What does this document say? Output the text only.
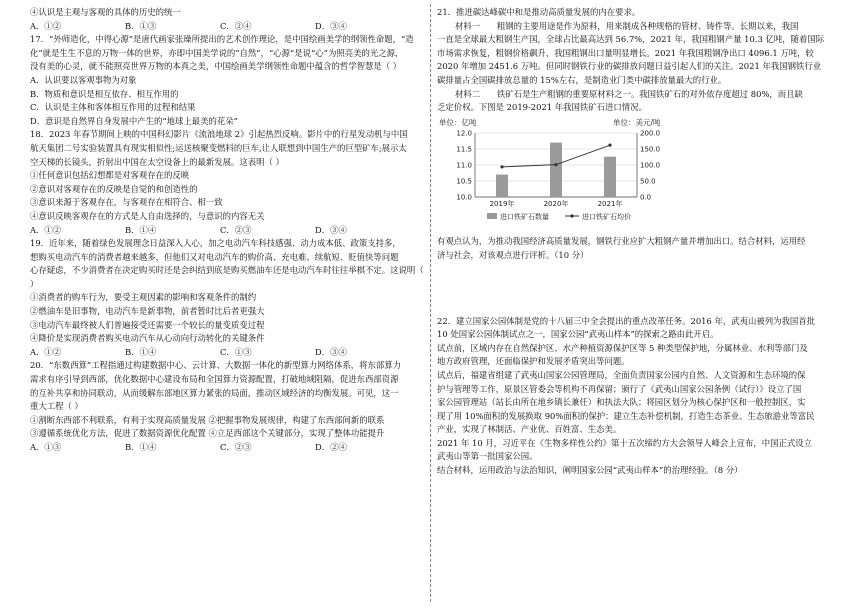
④认识是主观与客观的具体的历史的统一

A．①②	B．①③	C．②④	D．③④

17．“外师造化，中得心源”是唐代画家张璪所提出的艺术创作理论，是中国绘画美学的纲领性命题，“造

化”就是生生不息的万物一体的世界，亦即中国美学说的“自然”，“心源”是说“心”为照亮美的光之源，

没有美的心灵，就不能照亮世界万物的本真之美，中国绘画美学纲领性命题中蕴含的哲学智慧是（ ）

A．认识要以客观事物为对象

B．物质和意识是相互依存、相互作用的

C．认识是主体和客体相互作用的过程和结果

D．意识是自然界自身发展中产生的“地球上最美的花朵”

18．2023 年春节期间上映的中国科幻影片《流浪地球 2》引起热烈反响。影片中的行星发动机与中国

航天集团二号实验装置具有现实相似性;运送核聚变燃料的巨车,让人联想到中国生产的巨型矿车;展示太

空天梯的长镜头，折射出中国在太空设备上的最新发展。这表明（ ）

①任何意识包括幻想都是对客观存在的反映

②意识对客观存在的反映是自觉的和创造性的

③意识来源于客观存在，与客观存在相符合、相一致

④意识反映客观存在的方式是人自由选择的，与意识的内容无关

A．①②	B．①④	C．②③	D．③④

19．近年来，随着绿色发展理念日益深入人心，加之电动汽车科技感强、动力成本低、政策支持多，

想购买电动汽车的消费者越来越多，但他们又对电动汽车的购价高、充电难、续航短、贬值快等问题

心存疑虑，不少消费者在决定购买时还是会纠结到底是购买燃油车还是电动汽车时往往举棋不定。这说明（ ）

①消费者的购车行为，要受主观因素的影响和客观条件的制约

②燃油车是旧事物，电动汽车是新事物，前者暂时比后者更强大

③电动汽车最终被人们普遍接受还需要一个较长的量变质变过程

④降价是实现消费者购买电动汽车从心动向行动转化的关键条件

A．①②	B．①④	C．①③	D．③④

20．“东数西算”工程指通过构建数据中心、云计算、大数据一体化的新型算力网络体系，将东部算力

需求有序引导到西部，优化数据中心建设布局和全国算力资源配置，打破地域阻隔，促进东西部资源

的互补共享和协同联动，从而缓解东部地区算力紧张的局面，推动区域经济的均衡发展。可见，这一

重大工程（ ）

①割断东西部不利联系，有利于实现高质量发展 ②把握事物发展规律，构建了东西部间新的联系

③遵循系统优化方法，促进了数据资源优化配置 ④立足西部这个关键部分，实现了整体功能提升

A．①③	B．①④	C．②③	D．②④

21．推进碳达峰碳中和是推动高质量发展的内在要求。

材料一　　粗钢的主要用途是作为原料，用来制成各种规格的管材、铸件等。长期以来，我国

一直是全球最大粗钢生产国，全球占比最高达到 56.7%，2021 年，我国粗钢产量 10.3 亿吨，随着国际

市场需求恢复，粗钢价格飙升，我国粗钢出口量明显增长。2021 年我国粗钢净出口 4096.1 万吨，较

2020 年增加 2451.6 万吨。但同时钢铁行业的碳排放问题日益引起人们的关注。2021 年我国钢铁行业

碳排量占全国碳排放总量的 15%左右，是制造业门类中碳排放量最大的行业。

材料二　　铁矿石是生产粗钢的重要原材料之一。我国铁矿石的对外依存度超过 80%，而且缺

乏定价权。下图是 2019-2021 年我国铁矿石进口情况。

单位：亿吨	单位：美元/吨
10.0
10.5
11.0
11.5
12.0
0.0
50.0
100.0
150.0
200.0
2019年	2020年	2021年
进口铁矿石数量	进口铁矿石均价

有观点认为，为推动我国经济高质量发展，钢铁行业应扩大粗钢产量并增加出口。结合材料，运用经

济与社会，对该观点进行评析。（10 分）

22．建立国家公园体制是党的十八届三中全会提出的重点改革任务。2016 年，武夷山被列为我国首批

10 处国家公园体制试点之一，国家公园“武夷山样本”的探索之路由此开启。

试点前，区域内存在自然保护区、水产种植资源保护区等 5 种类型保护地，分属林业、水利等部门及

地方政府管理，还面临保护和发展矛盾突出等问题。

试点后，福建省组建了武夷山国家公园管理局，全面负责国家公园内自然、人文资源和生态环境的保

护与管理等工作，原景区管委会等机构不再保留；颁行了《武夷山国家公园条例（试行）》设立了国

家公园管理站（站长由所在地乡镇长兼任）和执法大队；将园区划分为核心保护区和一般控制区，实

现了用 10%面积的发展换取 90%面积的保护：建立生态补偿机制，打造生态茶业、生态旅游业等富民

产业，实现了林制活、产业优、百姓富、生态美。

2021 年 10 月，习近平在《生物多样性公约》第十五次缔约方大会领导人峰会上宣布，中国正式设立

武夷山等第一批国家公园。

结合材料，运用政治与法治知识，阐明国家公园“武夷山样本”的治理经验。（8 分）
